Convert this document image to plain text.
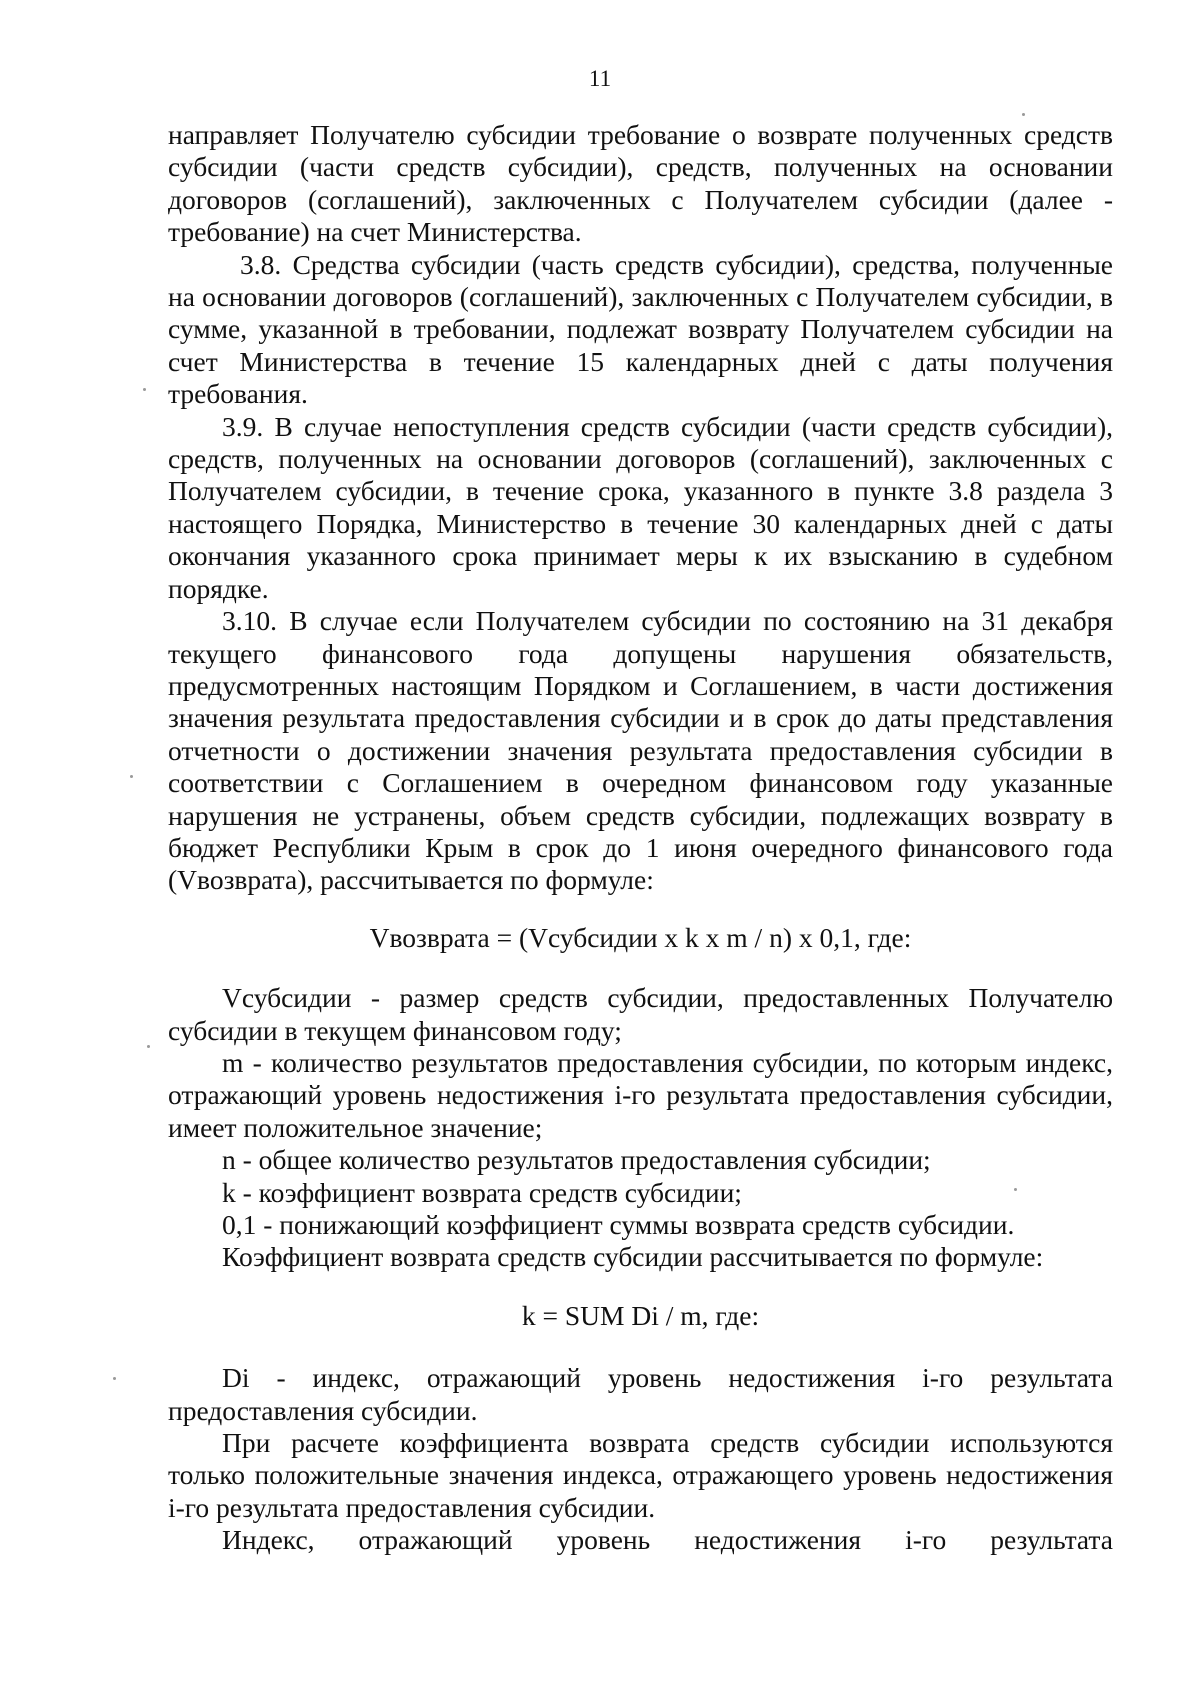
11

направляет Получателю субсидии требование о возврате полученных средств субсидии (части средств субсидии), средств, полученных на основании договоров (соглашений), заключенных с Получателем субсидии (далее - требование) на счет Министерства.

3.8. Средства субсидии (часть средств субсидии), средства, полученные на основании договоров (соглашений), заключенных с Получателем субсидии, в сумме, указанной в требовании, подлежат возврату Получателем субсидии на счет Министерства в течение 15 календарных дней с даты получения требования.

3.9. В случае непоступления средств субсидии (части средств субсидии), средств, полученных на основании договоров (соглашений), заключенных с Получателем субсидии, в течение срока, указанного в пункте 3.8 раздела 3 настоящего Порядка, Министерство в течение 30 календарных дней с даты окончания указанного срока принимает меры к их взысканию в судебном порядке.

3.10. В случае если Получателем субсидии по состоянию на 31 декабря текущего финансового года допущены нарушения обязательств, предусмотренных настоящим Порядком и Соглашением, в части достижения значения результата предоставления субсидии и в срок до даты представления отчетности о достижении значения результата предоставления субсидии в соответствии с Соглашением в очередном финансовом году указанные нарушения не устранены, объем средств субсидии, подлежащих возврату в бюджет Республики Крым в срок до 1 июня очередного финансового года (Vвозврата), рассчитывается по формуле:

Vвозврата = (Vсубсидии x k x m / n) x 0,1, где:

Vсубсидии - размер средств субсидии, предоставленных Получателю субсидии в текущем финансовом году;

m - количество результатов предоставления субсидии, по которым индекс, отражающий уровень недостижения i-го результата предоставления субсидии, имеет положительное значение;

n - общее количество результатов предоставления субсидии;

k - коэффициент возврата средств субсидии;

0,1 - понижающий коэффициент суммы возврата средств субсидии.

Коэффициент возврата средств субсидии рассчитывается по формуле:

k = SUM Di / m, где:

Di - индекс, отражающий уровень недостижения i-го результата предоставления субсидии.

При расчете коэффициента возврата средств субсидии используются только положительные значения индекса, отражающего уровень недостижения i-го результата предоставления субсидии.

Индекс, отражающий уровень недостижения i-го результата
